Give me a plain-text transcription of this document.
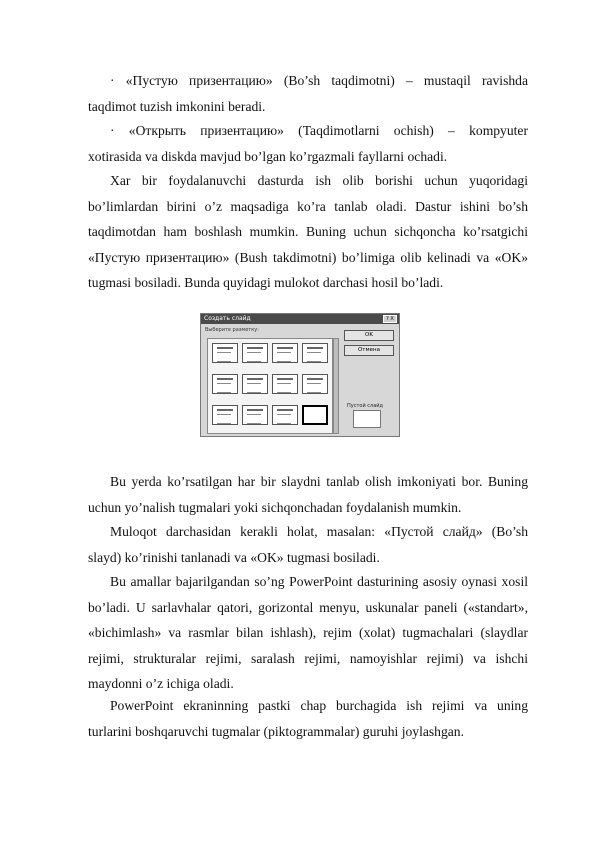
· «Пустую призентацию» (Bo’sh taqdimotni) – mustaqil ravishda
taqdimot tuzish imkonini beradi.
· «Открыть призентацию» (Taqdimotlarni ochish) – kompyuter
xotirasida va diskda mavjud bo’lgan ko’rgazmali fayllarni ochadi.
Xar bir foydalanuvchi dasturda ish olib borishi uchun yuqoridagi
bo’limlardan birini o’z maqsadiga ko’ra tanlab oladi. Dastur ishini bo’sh
taqdimotdan ham boshlash mumkin. Buning uchun sichqoncha ko’rsatgichi
«Пустую призентацию» (Bush takdimotni) bo’limiga olib kelinadi va «OK»
tugmasi bosiladi. Bunda quyidagi mulokot darchasi hosil bo’ladi.
Создать слайд	? X
Выберите разметку:
OK
Отмена
Пустой слайд
Bu yerda ko’rsatilgan har bir slaydni tanlab olish imkoniyati bor. Buning
uchun yo’nalish tugmalari yoki sichqonchadan foydalanish mumkin.
Muloqot darchasidan kerakli holat, masalan: «Пустой слайд» (Bo’sh
slayd) ko’rinishi tanlanadi va «OK» tugmasi bosiladi.
Bu amallar bajarilgandan so’ng PowerPoint dasturining asosiy oynasi xosil
bo’ladi. U sarlavhalar qatori, gorizontal menyu, uskunalar paneli («standart»,
«bichimlash» va rasmlar bilan ishlash), rejim (xolat) tugmachalari (slaydlar
rejimi, strukturalar rejimi, saralash rejimi, namoyishlar rejimi) va ishchi
maydonni o’z ichiga oladi.
PowerPoint ekraninning pastki chap burchagida ish rejimi va uning
turlarini boshqaruvchi tugmalar (piktogrammalar) guruhi joylashgan.
